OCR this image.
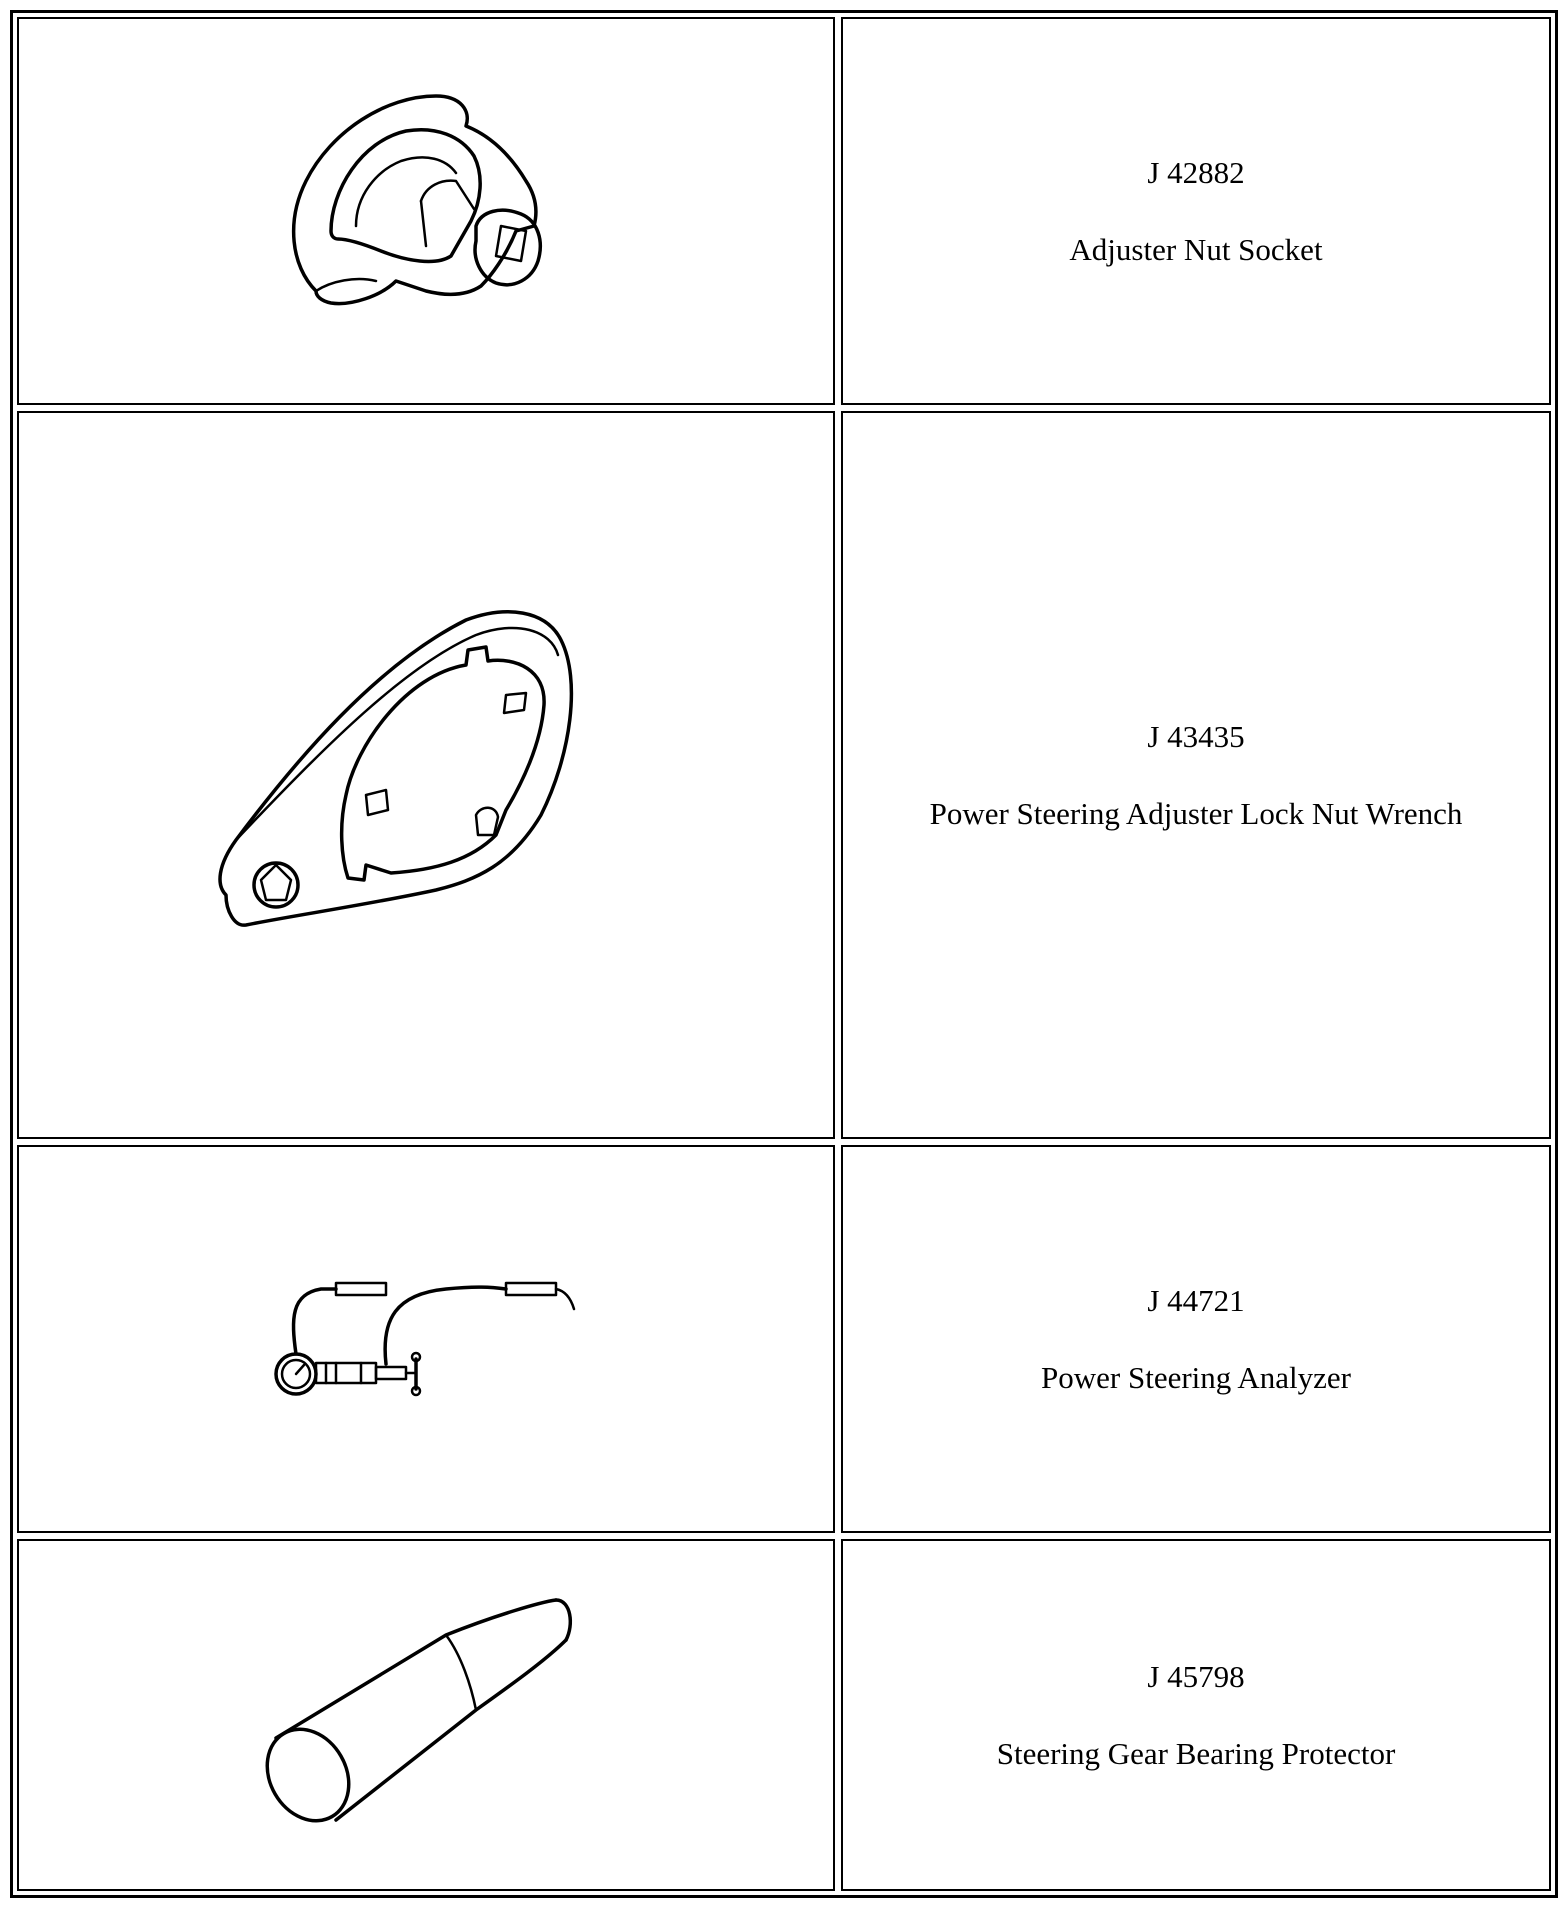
J 42882
Adjuster Nut Socket
J 43435
Power Steering Adjuster Lock Nut Wrench
J 44721
Power Steering Analyzer
J 45798
Steering Gear Bearing Protector
